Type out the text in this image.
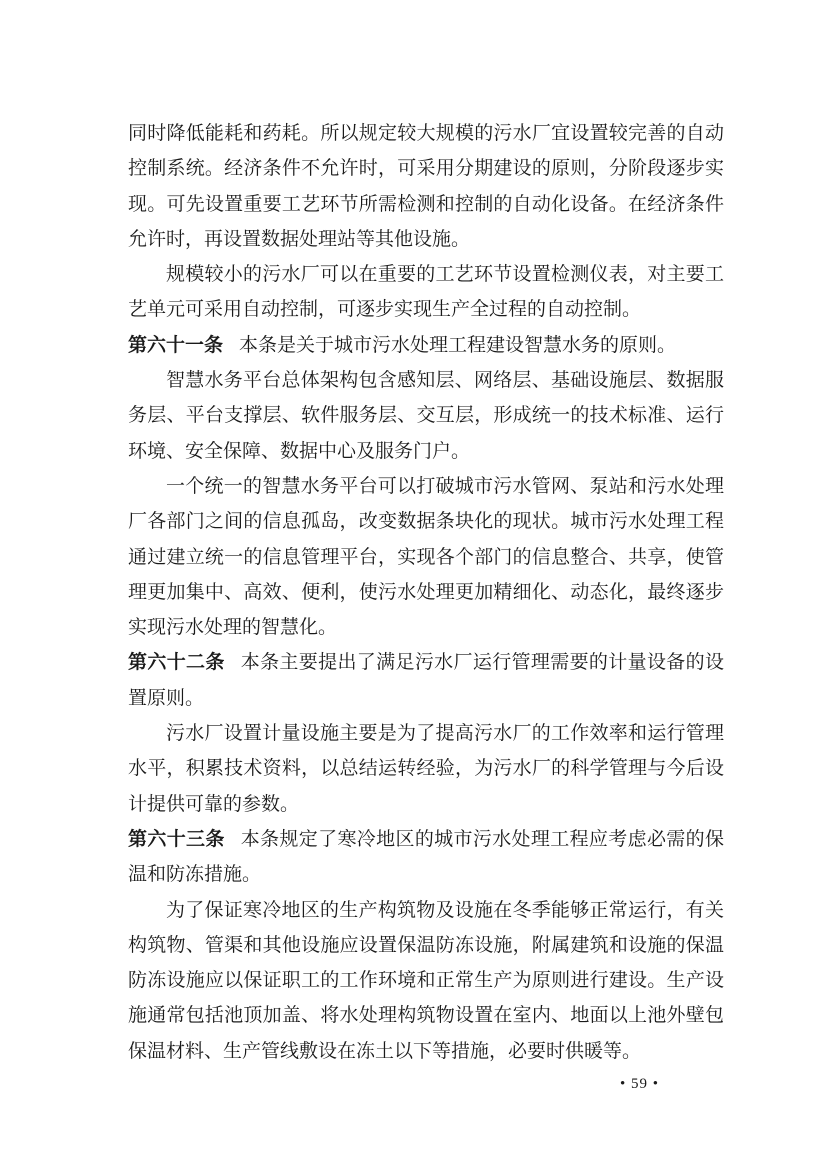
同时降低能耗和药耗。所以规定较大规模的污水厂宜设置较完善的自动控制系统。经济条件不允许时，可采用分期建设的原则，分阶段逐步实现。可先设置重要工艺环节所需检测和控制的自动化设备。在经济条件允许时，再设置数据处理站等其他设施。

规模较小的污水厂可以在重要的工艺环节设置检测仪表，对主要工艺单元可采用自动控制，可逐步实现生产全过程的自动控制。

第六十一条 本条是关于城市污水处理工程建设智慧水务的原则。

智慧水务平台总体架构包含感知层、网络层、基础设施层、数据服务层、平台支撑层、软件服务层、交互层，形成统一的技术标准、运行环境、安全保障、数据中心及服务门户。

一个统一的智慧水务平台可以打破城市污水管网、泵站和污水处理厂各部门之间的信息孤岛，改变数据条块化的现状。城市污水处理工程通过建立统一的信息管理平台，实现各个部门的信息整合、共享，使管理更加集中、高效、便利，使污水处理更加精细化、动态化，最终逐步实现污水处理的智慧化。

第六十二条 本条主要提出了满足污水厂运行管理需要的计量设备的设置原则。

污水厂设置计量设施主要是为了提高污水厂的工作效率和运行管理水平，积累技术资料，以总结运转经验，为污水厂的科学管理与今后设计提供可靠的参数。

第六十三条 本条规定了寒冷地区的城市污水处理工程应考虑必需的保温和防冻措施。

为了保证寒冷地区的生产构筑物及设施在冬季能够正常运行，有关构筑物、管渠和其他设施应设置保温防冻设施，附属建筑和设施的保温防冻设施应以保证职工的工作环境和正常生产为原则进行建设。生产设施通常包括池顶加盖、将水处理构筑物设置在室内、地面以上池外壁包保温材料、生产管线敷设在冻土以下等措施，必要时供暖等。

• 59 •
